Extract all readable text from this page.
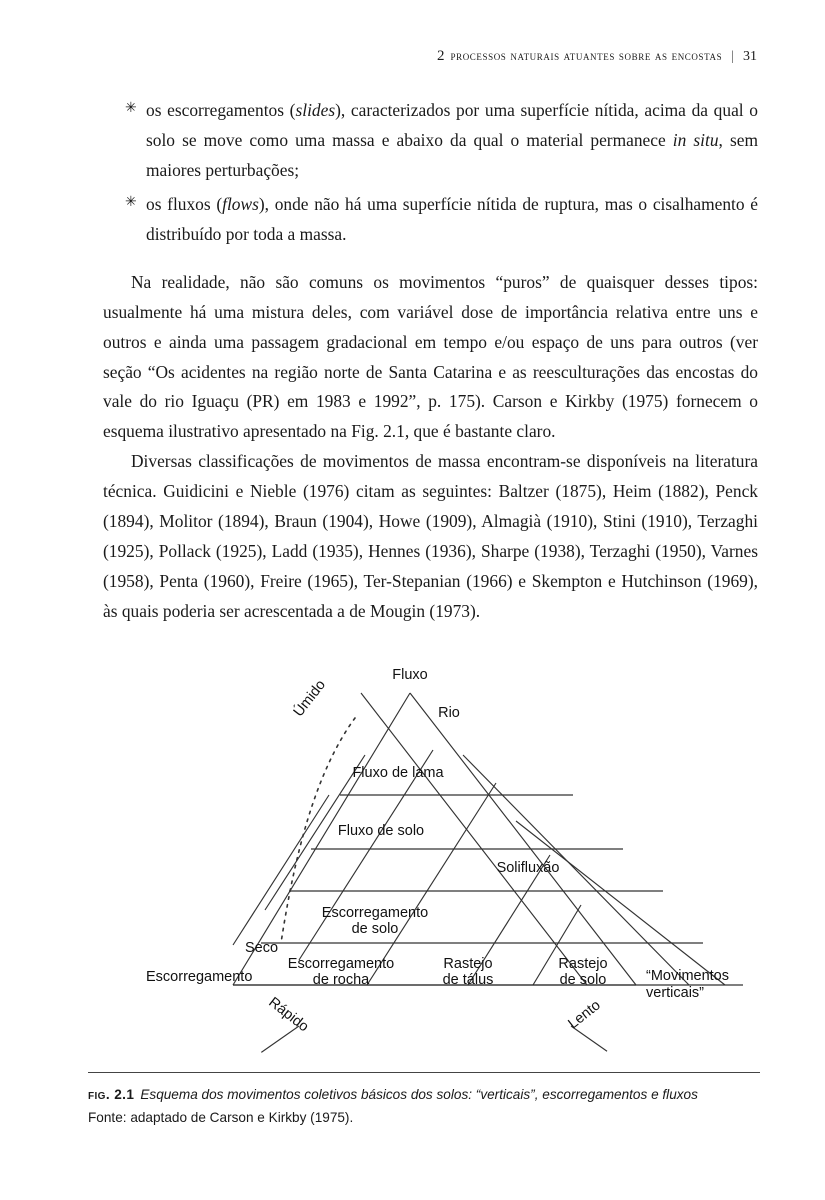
2 processos naturais atuantes sobre as encostas | 31
✳ os escorregamentos (slides), caracterizados por uma superfície nítida, acima da qual o solo se move como uma massa e abaixo da qual o material permanece in situ, sem maiores perturbações;
✳ os fluxos (flows), onde não há uma superfície nítida de ruptura, mas o cisalhamento é distribuído por toda a massa.

Na realidade, não são comuns os movimentos “puros” de quaisquer desses tipos: usualmente há uma mistura deles, com variável dose de importância relativa entre uns e outros e ainda uma passagem gradacional em tempo e/ou espaço de uns para outros (ver seção “Os acidentes na região norte de Santa Catarina e as reesculturações das encostas do vale do rio Iguaçu (PR) em 1983 e 1992”, p. 175). Carson e Kirkby (1975) fornecem o esquema ilustrativo apresentado na Fig. 2.1, que é bastante claro.

Diversas classificações de movimentos de massa encontram-se disponíveis na literatura técnica. Guidicini e Nieble (1976) citam as seguintes: Baltzer (1875), Heim (1882), Penck (1894), Molitor (1894), Braun (1904), Howe (1909), Almagià (1910), Stini (1910), Terzaghi (1925), Pollack (1925), Ladd (1935), Hennes (1936), Sharpe (1938), Terzaghi (1950), Varnes (1958), Penta (1960), Freire (1965), Ter-Stepanian (1966) e Skempton e Hutchinson (1969), às quais poderia ser acrescentada a de Mougin (1973).

Fluxo
Rio
Fluxo de lama
Fluxo de solo
Solifluxão
Escorregamento
de solo
Seco
Escorregamento
Escorregamento
de rocha
Rastejo
de tálus
Rastejo
de solo	“Movimentos
verticais”
Úmido
Rápido	Lento
fig. 2.1 Esquema dos movimentos coletivos básicos dos solos: “verticais”, escorregamentos e fluxos
Fonte: adaptado de Carson e Kirkby (1975).
